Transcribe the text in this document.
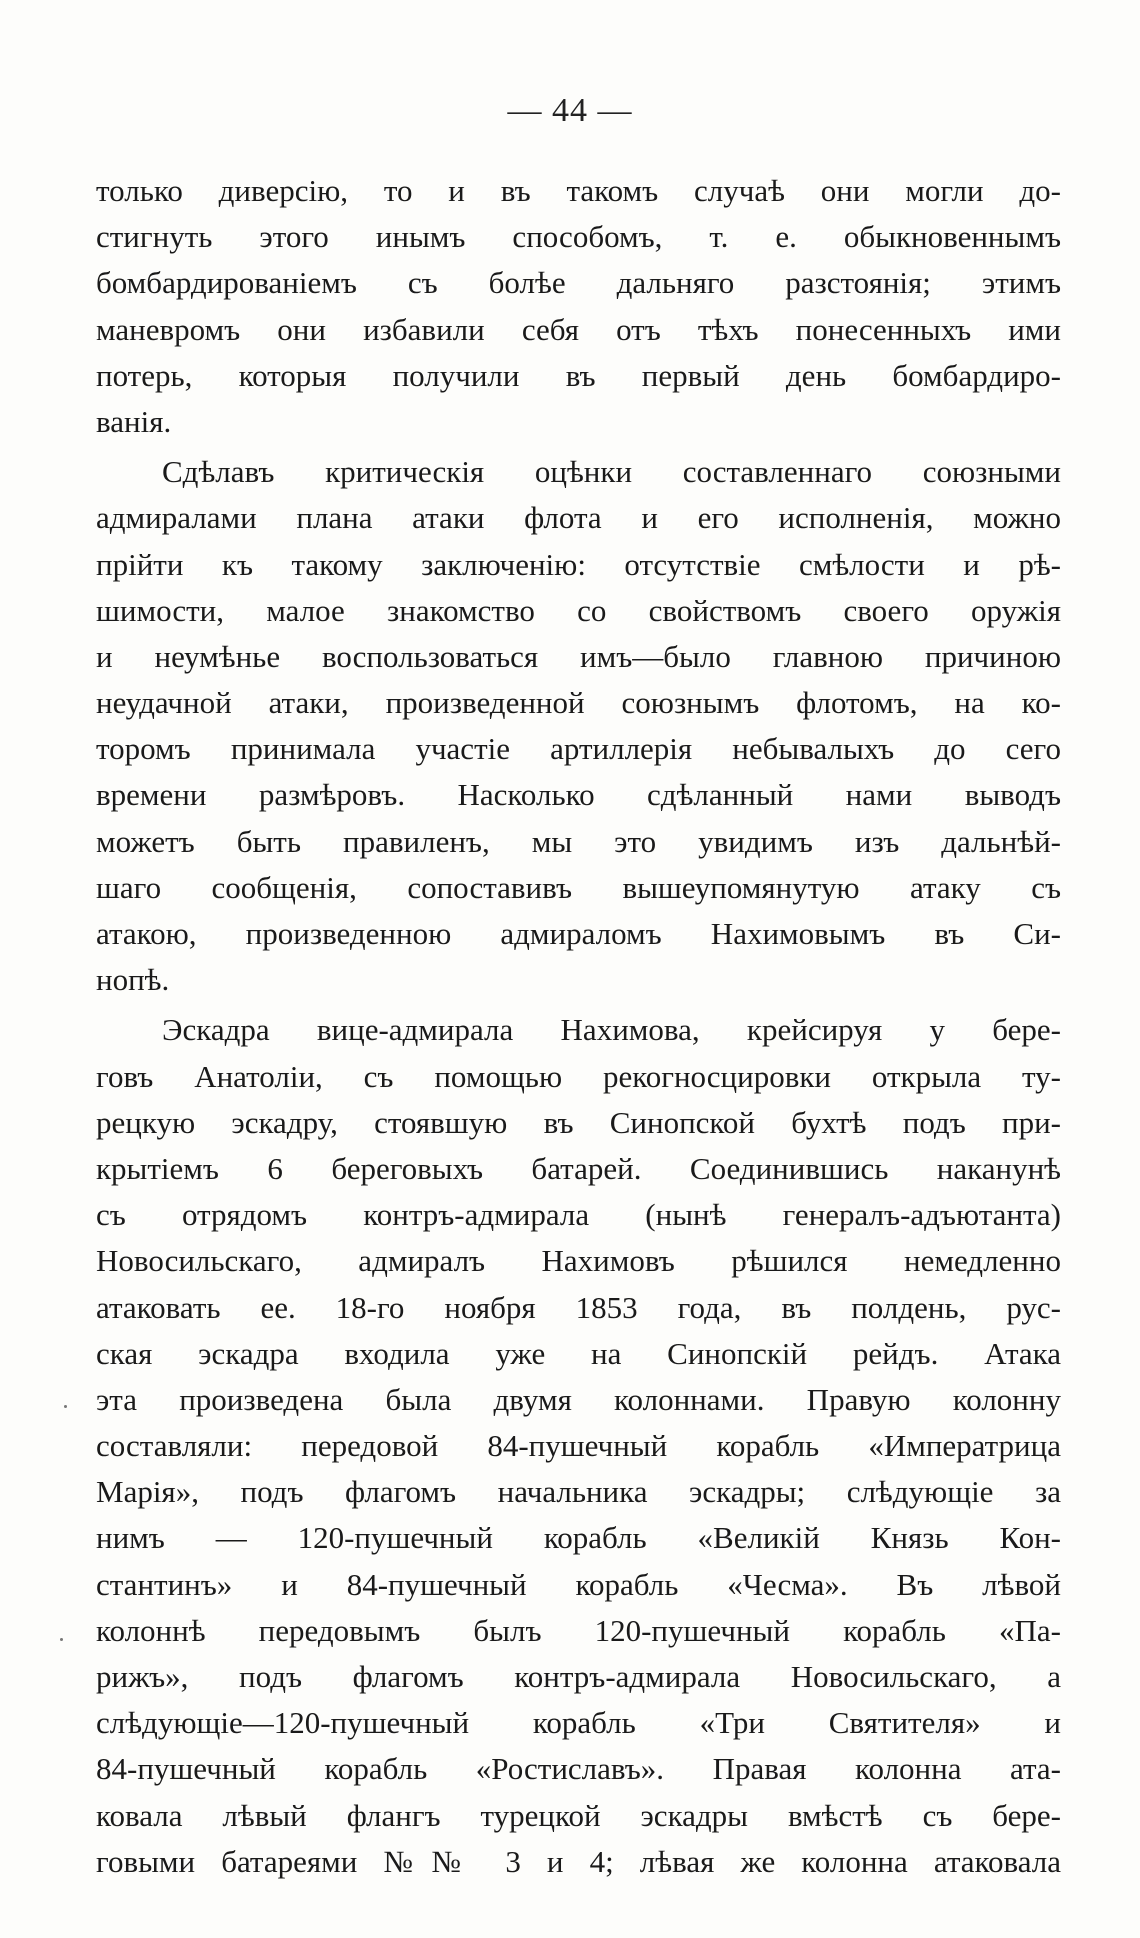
— 44 —
только диверсію, то и въ такомъ случаѣ они могли до-
стигнуть этого инымъ способомъ, т. е. обыкновеннымъ
бомбардированіемъ съ болѣе дальняго разстоянія; этимъ
маневромъ они избавили себя отъ тѣхъ понесенныхъ ими
потерь, которыя получили въ первый день бомбардиро-
ванія.
Сдѣлавъ критическія оцѣнки составленнаго союзными
адмиралами плана атаки флота и его исполненія, можно
прійти къ такому заключенію: отсутствіе смѣлости и рѣ-
шимости, малое знакомство со свойствомъ своего оружія
и неумѣнье воспользоваться имъ—было главною причиною
неудачной атаки, произведенной союзнымъ флотомъ, на ко-
торомъ принимала участіе артиллерія небывалыхъ до сего
времени размѣровъ. Насколько сдѣланный нами выводъ
можетъ быть правиленъ, мы это увидимъ изъ дальнѣй-
шаго сообщенія, сопоставивъ вышеупомянутую атаку съ
атакою, произведенною адмираломъ Нахимовымъ въ Си-
нопѣ.
Эскадра вице-адмирала Нахимова, крейсируя у бере-
говъ Анатоліи, съ помощью рекогносцировки открыла ту-
рецкую эскадру, стоявшую въ Синопской бухтѣ подъ при-
крытіемъ 6 береговыхъ батарей. Соединившись наканунѣ
съ отрядомъ контръ-адмирала (нынѣ генералъ-адъютанта)
Новосильскаго, адмиралъ Нахимовъ рѣшился немедленно
атаковать ее. 18-го ноября 1853 года, въ полдень, рус-
ская эскадра входила уже на Синопскій рейдъ. Атака
эта произведена была двумя колоннами. Правую колонну
составляли: передовой 84-пушечный корабль «Императрица
Марія», подъ флагомъ начальника эскадры; слѣдующіе за
нимъ — 120-пушечный корабль «Великій Князь Кон-
стантинъ» и 84-пушечный корабль «Чесма». Въ лѣвой
колоннѣ передовымъ былъ 120-пушечный корабль «Па-
рижъ», подъ флагомъ контръ-адмирала Новосильскаго, а
слѣдующіе—120-пушечный корабль «Три Святителя» и
84-пушечный корабль «Ростиславъ». Правая колонна ата-
ковала лѣвый флангъ турецкой эскадры вмѣстѣ съ бере-
говыми батареями №№ 3 и 4; лѣвая же колонна атаковала
